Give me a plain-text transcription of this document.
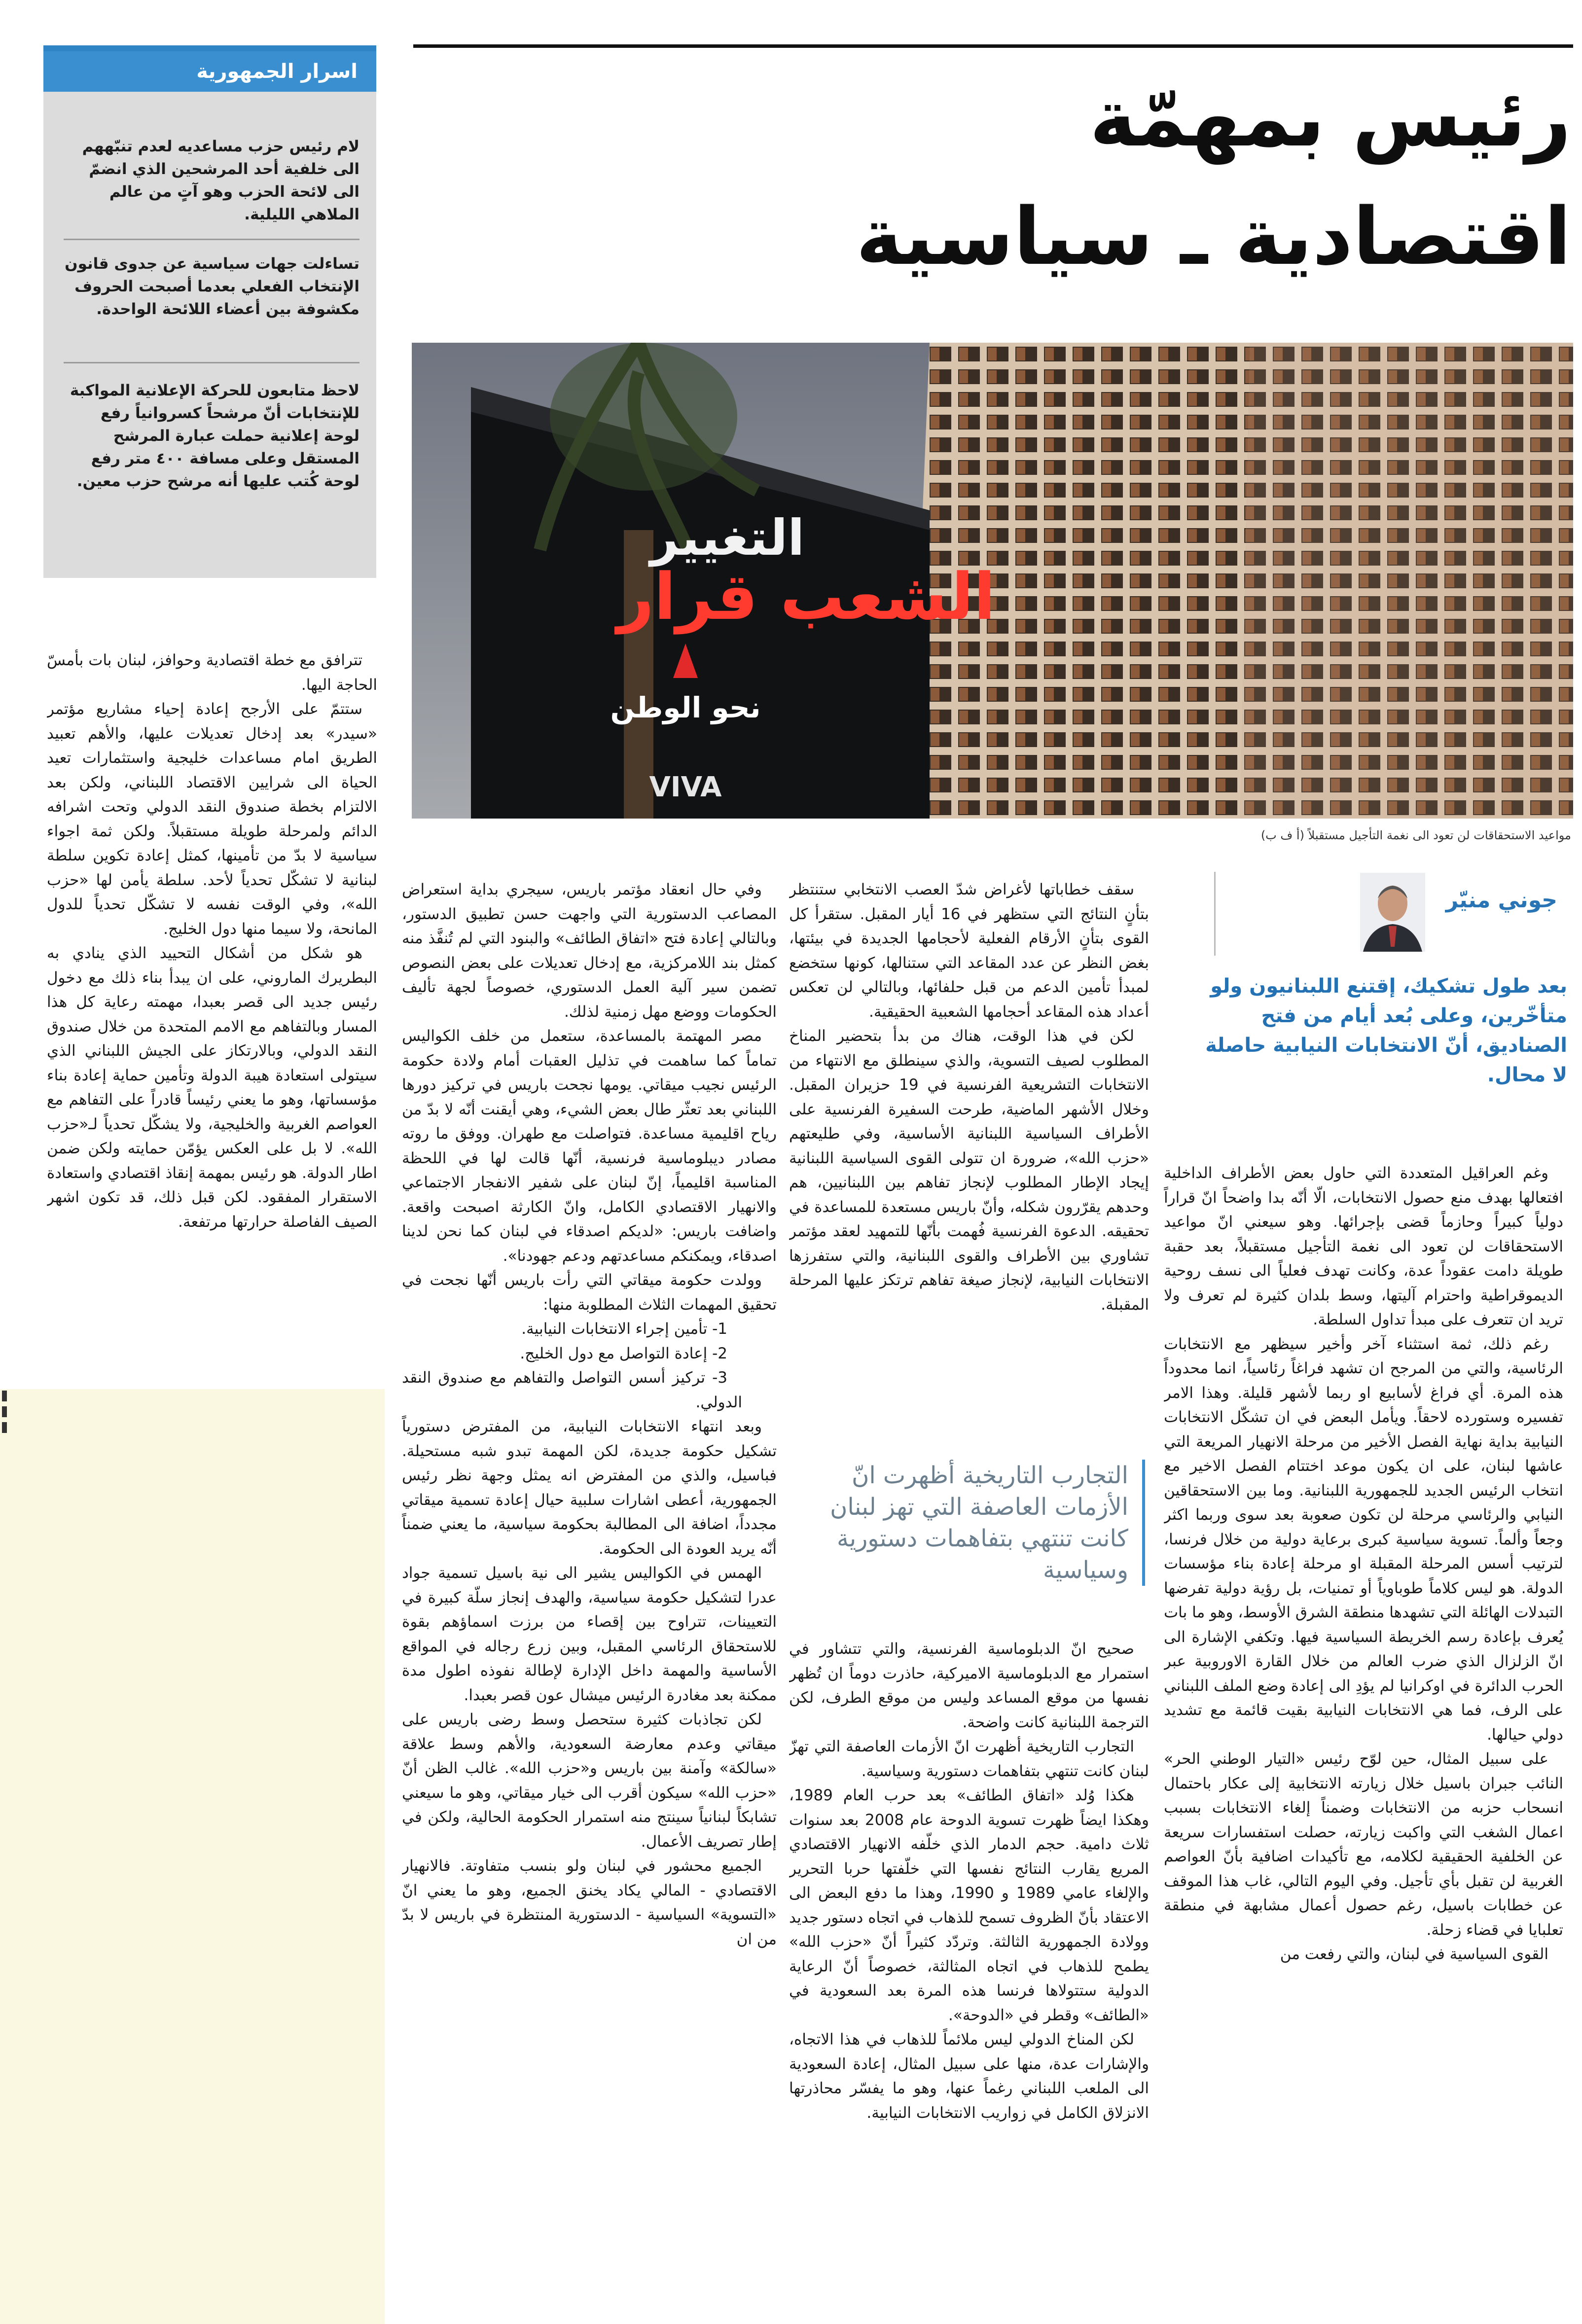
رئيس بمهمّة
اقتصادية ـ سياسية
اسرار الجمهورية
لام رئيس حزب مساعديه لعدم تنبّههم الى خلفية أحد المرشحين الذي انضمّ الى لائحة الحزب وهو آتٍ من عالم الملاهي الليلية.
تساءلت جهات سياسية عن جدوى قانون الإنتخاب الفعلي بعدما أصبحت الحروف مكشوفة بين أعضاء اللائحة الواحدة.
لاحظ متابعون للحركة الإعلانية المواكبة للإنتخابات أنّ مرشحاً كسروانياً رفع لوحة إعلانية حملت عبارة المرشح المستقل وعلى مسافة ٤٠٠ متر رفع لوحة كُتب عليها أنه مرشح حزب معين.
الشعب قرار
التغيير
نحو الوطن
VIVA
مواعيد الاستحقاقات لن تعود الى نغمة التأجيل مستقبلاً (أ ف ب)
جوني منيّر
بعد طول تشكيك، إقتنع اللبنانيون ولو متأخّرين، وعلى بُعد أيام من فتح الصناديق، أنّ الانتخابات النيابية حاصلة لا محال.

وغم العراقيل المتعددة التي حاول بعض الأطراف الداخلية افتعالها بهدف منع حصول الانتخابات، الّا أنّه بدا واضحاً انّ قراراً دولياً كبيراً وحازماً قضى بإجرائها. وهو سيعني انّ مواعيد الاستحقاقات لن تعود الى نغمة التأجيل مستقبلاً، بعد حقبة طويلة دامت عقوداً عدة، وكانت تهدف فعلياً الى نسف روحية الديموقراطية واحترام آليتها، وسط بلدان كثيرة لم تعرف ولا تريد ان تتعرف على مبدأ تداول السلطة.

رغم ذلك، ثمة استثناء آخر وأخير سيظهر مع الانتخابات الرئاسية، والتي من المرجح ان تشهد فراغاً رئاسياً، انما محدوداً هذه المرة. أي فراغ لأسابيع او ربما لأشهر قليلة. وهذا الامر تفسيره وستورده لاحقاً. ويأمل البعض في ان تشكّل الانتخابات النيابية بداية نهاية الفصل الأخير من مرحلة الانهيار المريعة التي عاشها لبنان، على ان يكون موعد اختتام الفصل الاخير مع انتخاب الرئيس الجديد للجمهورية اللبنانية. وما بين الاستحقاقين النيابي والرئاسي مرحلة لن تكون صعوبة بعد سوى وربما اكثر وجعاً وألماً. تسوية سياسية كبرى برعاية دولية من خلال فرنسا، لترتيب أسس المرحلة المقبلة او مرحلة إعادة بناء مؤسسات الدولة. هو ليس كلاماً طوباوياً أو تمنيات، بل رؤية دولية تفرضها التبدلات الهائلة التي تشهدها منطقة الشرق الأوسط، وهو ما بات يُعرف بإعادة رسم الخريطة السياسية فيها. وتكفي الإشارة الى انّ الزلزال الذي ضرب العالم من خلال القارة الاوروبية عبر الحرب الدائرة في اوكرانيا لم يؤدِ الى إعادة وضع الملف اللبناني على الرف، فما هي الانتخابات النيابية بقيت قائمة مع تشديد دولي حيالها.

على سبيل المثال، حين لوّح رئيس «التيار الوطني الحر» النائب جبران باسيل خلال زيارته الانتخابية إلى عكار باحتمال انسحاب حزبه من الانتخابات وضمناً إلغاء الانتخابات بسبب اعمال الشغب التي واكبت زيارته، حصلت استفسارات سريعة عن الخلفية الحقيقية لكلامه، مع تأكيدات اضافية بأنّ العواصم الغربية لن تقبل بأي تأجيل. وفي اليوم التالي، غاب هذا الموقف عن خطابات باسيل، رغم حصول أعمال مشابهة في منطقة تعلبايا في قضاء زحلة.

القوى السياسية في لبنان، والتي رفعت من

سقف خطاباتها لأغراض شدّ العصب الانتخابي ستنتظر بتأنٍ النتائج التي ستظهر في 16 أيار المقبل. ستقرأ كل القوى بتأنٍ الأرقام الفعلية لأحجامها الجديدة في بيئتها، بغض النظر عن عدد المقاعد التي ستنالها، كونها ستخضع لمبدأ تأمين الدعم من قبل حلفائها، وبالتالي لن تعكس أعداد هذه المقاعد أحجامها الشعبية الحقيقية.

لكن في هذا الوقت، هناك من بدأ بتحضير المناخ المطلوب لصيف التسوية، والذي سينطلق مع الانتهاء من الانتخابات التشريعية الفرنسية في 19 حزيران المقبل. وخلال الأشهر الماضية، طرحت السفيرة الفرنسية على الأطراف السياسية اللبنانية الأساسية، وفي طليعتهم «حزب الله»، ضرورة ان تتولى القوى السياسية اللبنانية إيجاد الإطار المطلوب لإنجاز تفاهم بين اللبنانيين، هم وحدهم يقرّرون شكله، وأنّ باريس مستعدة للمساعدة في تحقيقه. الدعوة الفرنسية فُهمت بأنّها للتمهيد لعقد مؤتمر تشاوري بين الأطراف والقوى اللبنانية، والتي ستفرزها الانتخابات النيابية، لإنجاز صيغة تفاهم ترتكز عليها المرحلة المقبلة.

التجارب التاريخية أظهرت انّ الأزمات العاصفة التي تهز لبنان كانت تنتهي بتفاهمات دستورية وسياسية

صحيح انّ الدبلوماسية الفرنسية، والتي تتشاور في استمرار مع الدبلوماسية الاميركية، حاذرت دوماً ان تُظهر نفسها من موقع المساعد وليس من موقع الطرف، لكن الترجمة اللبنانية كانت واضحة.

التجارب التاريخية أظهرت انّ الأزمات العاصفة التي تهزّ لبنان كانت تنتهي بتفاهمات دستورية وسياسية.

هكذا وُلد «اتفاق الطائف» بعد حرب العام 1989، وهكذا ايضاً ظهرت تسوية الدوحة عام 2008 بعد سنوات ثلاث دامية. حجم الدمار الذي خلّفه الانهيار الاقتصادي المريع يقارب النتائج نفسها التي خلّفتها حربا التحرير والإلغاء عامي 1989 و 1990، وهذا ما دفع البعض الى الاعتقاد بأنّ الظروف تسمح للذهاب في اتجاه دستور جديد وولادة الجمهورية الثالثة. وتردّد كثيراً أنّ «حزب الله» يطمح للذهاب في اتجاه المثالثة، خصوصاً أنّ الرعاية الدولية ستتولاها فرنسا هذه المرة بعد السعودية في «الطائف» وقطر في «الدوحة».

لكن المناخ الدولي ليس ملائماً للذهاب في هذا الاتجاه، والإشارات عدة، منها على سبيل المثال، إعادة السعودية الى الملعب اللبناني رغماً عنها، وهو ما يفسّر محاذرتها الانزلاق الكامل في زواريب الانتخابات النيابية.

وفي حال انعقاد مؤتمر باريس، سيجري بداية استعراض المصاعب الدستورية التي واجهت حسن تطبيق الدستور، وبالتالي إعادة فتح «اتفاق الطائف» والبنود التي لم تُنفَّذ منه كمثل بند اللامركزية، مع إدخال تعديلات على بعض النصوص تضمن سير آلية العمل الدستوري، خصوصاً لجهة تأليف الحكومات ووضع مهل زمنية لذلك.

مصر المهتمة بالمساعدة، ستعمل من خلف الكواليس تماماً كما ساهمت في تذليل العقبات أمام ولادة حكومة الرئيس نجيب ميقاتي. يومها نجحت باريس في تركيز دورها اللبناني بعد تعثّر طال بعض الشيء، وهي أيقنت أنّه لا بدّ من رياح اقليمية مساعدة. فتواصلت مع طهران. ووفق ما روته مصادر ديبلوماسية فرنسية، أنّها قالت لها في اللحظة المناسبة اقليمياً، إنّ لبنان على شفير الانفجار الاجتماعي والانهيار الاقتصادي الكامل، وانّ الكارثة اصبحت واقعة. واضافت باريس: «لديكم اصدقاء في لبنان كما نحن لدينا اصدقاء، ويمكنكم مساعدتهم ودعم جهودنا».

وولدت حكومة ميقاتي التي رأت باريس أنّها نجحت في تحقيق المهمات الثلاث المطلوبة منها:

1- تأمين إجراء الانتخابات النيابية.

2- إعادة التواصل مع دول الخليج.

3- تركيز أسس التواصل والتفاهم مع صندوق النقد الدولي.

وبعد انتهاء الانتخابات النيابية، من المفترض دستورياً تشكيل حكومة جديدة، لكن المهمة تبدو شبه مستحيلة. فباسيل، والذي من المفترض انه يمثل وجهة نظر رئيس الجمهورية، أعطى اشارات سلبية حيال إعادة تسمية ميقاتي مجدداً، اضافة الى المطالبة بحكومة سياسية، ما يعني ضمناً أنّه يريد العودة الى الحكومة.

الهمس في الكواليس يشير الى نية باسيل تسمية جواد عدرا لتشكيل حكومة سياسية، والهدف إنجاز سلّة كبيرة في التعيينات، تتراوح بين إقصاء من برزت اسماؤهم بقوة للاستحقاق الرئاسي المقبل، وبين زرع رجاله في المواقع الأساسية والمهمة داخل الإدارة لإطالة نفوذه اطول مدة ممكنة بعد مغادرة الرئيس ميشال عون قصر بعبدا.

لكن تجاذبات كثيرة ستحصل وسط رضى باريس على ميقاتي وعدم معارضة السعودية، والأهم وسط علاقة «سالكة» وآمنة بين باريس و«حزب الله». غالب الظن أنّ «حزب الله» سيكون أقرب الى خيار ميقاتي، وهو ما سيعني تشابكاً لبنانياً سينتج منه استمرار الحكومة الحالية، ولكن في إطار تصريف الأعمال.

الجميع محشور في لبنان ولو بنسب متفاوتة. فالانهيار الاقتصادي - المالي يكاد يخنق الجميع، وهو ما يعني انّ «التسوية» السياسية - الدستورية المنتظرة في باريس لا بدّ من ان

تترافق مع خطة اقتصادية وحوافز، لبنان بات بأمسّ الحاجة اليها.

ستتمّ على الأرجح إعادة إحياء مشاريع مؤتمر «سيدر» بعد إدخال تعديلات عليها، والأهم تعبيد الطريق امام مساعدات خليجية واستثمارات تعيد الحياة الى شرايين الاقتصاد اللبناني، ولكن بعد الالتزام بخطة صندوق النقد الدولي وتحت اشرافه الدائم ولمرحلة طويلة مستقبلاً. ولكن ثمة اجواء سياسية لا بدّ من تأمينها، كمثل إعادة تكوين سلطة لبنانية لا تشكّل تحدياً لأحد. سلطة يأمن لها «حزب الله»، وفي الوقت نفسه لا تشكّل تحدياً للدول المانحة، ولا سيما منها دول الخليج.

هو شكل من أشكال التحييد الذي ينادي به البطريرك الماروني، على ان يبدأ بناء ذلك مع دخول رئيس جديد الى قصر بعبدا، مهمته رعاية كل هذا المسار وبالتفاهم مع الامم المتحدة من خلال صندوق النقد الدولي، وبالارتكاز على الجيش اللبناني الذي سيتولى استعادة هيبة الدولة وتأمين حماية إعادة بناء مؤسساتها، وهو ما يعني رئيساً قادراً على التفاهم مع العواصم الغربية والخليجية، ولا يشكّل تحدياً لـ«حزب الله». لا بل على العكس يؤمّن حمايته ولكن ضمن اطار الدولة. هو رئيس بمهمة إنقاذ اقتصادي واستعادة الاستقرار المفقود. لكن قبل ذلك، قد تكون اشهر الصيف الفاصلة حرارتها مرتفعة.
